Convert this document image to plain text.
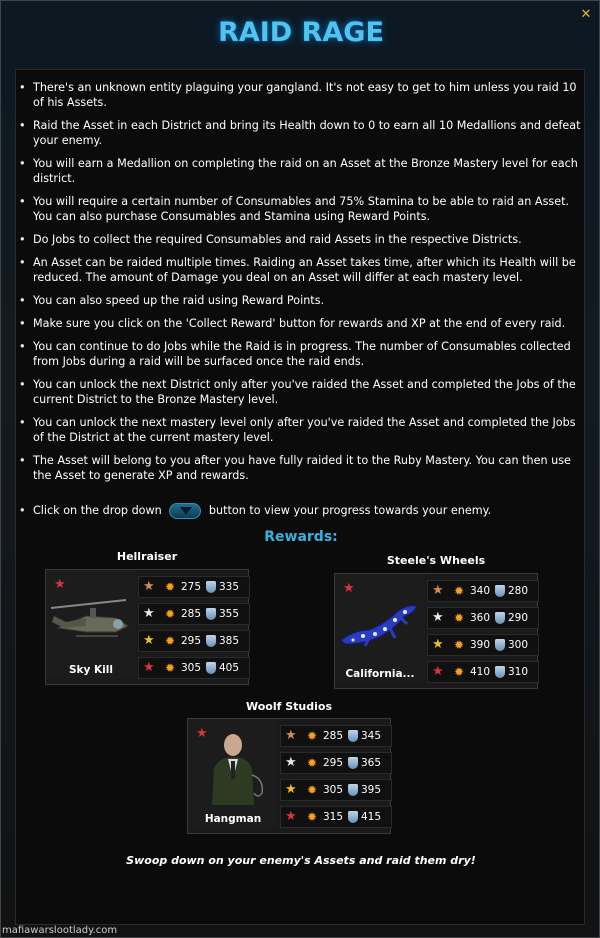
✕
RAID RAGE
• There's an unknown entity plaguing your gangland. It's not easy to get to him unless you raid 10 of his Assets.
• Raid the Asset in each District and bring its Health down to 0 to earn all 10 Medallions and defeat your enemy.
• You will earn a Medallion on completing the raid on an Asset at the Bronze Mastery level for each district.
• You will require a certain number of Consumables and 75% Stamina to be able to raid an Asset. You can also purchase Consumables and Stamina using Reward Points.
• Do Jobs to collect the required Consumables and raid Assets in the respective Districts.
• An Asset can be raided multiple times. Raiding an Asset takes time, after which its Health will be reduced. The amount of Damage you deal on an Asset will differ at each mastery level.
• You can also speed up the raid using Reward Points.
• Make sure you click on the 'Collect Reward' button for rewards and XP at the end of every raid.
• You can continue to do Jobs while the Raid is in progress. The number of Consumables collected from Jobs during a raid will be surfaced once the raid ends.
• You can unlock the next District only after you've raided the Asset and completed the Jobs of the current District to the Bronze Mastery level.
• You can unlock the next mastery level only after you've raided the Asset and completed the Jobs of the District at the current mastery level.
• The Asset will belong to you after you have fully raided it to the Ruby Mastery. You can then use the Asset to generate XP and rewards.
• Click on the drop down	button to view your progress towards your enemy.
Rewards:
Hellraiser
★
Sky Kill
★ ✹ 275 335
★ ✹ 285 355
★ ✹ 295 385
★ ✹ 305 405
Steele's Wheels
★
California...
★ ✹ 340 280
★ ✹ 360 290
★ ✹ 390 300
★ ✹ 410 310
Woolf Studios
★
Hangman
★ ✹ 285 345
★ ✹ 295 365
★ ✹ 305 395
★ ✹ 315 415
Swoop down on your enemy's Assets and raid them dry!
mafiawarslootlady.com
